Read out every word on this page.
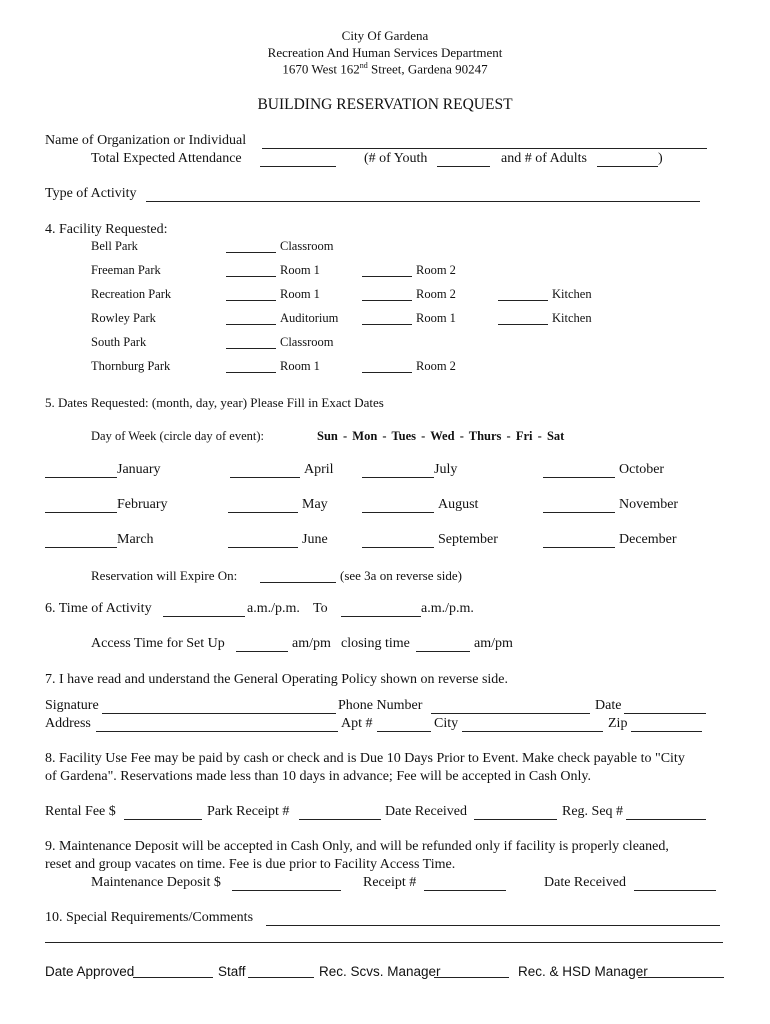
City Of Gardena
Recreation And Human Services Department
1670 West 162nd Street, Gardena 90247
BUILDING RESERVATION REQUEST
Name of Organization or Individual
Total Expected Attendance	(# of Youth	and # of Adults	)
Type of Activity
4. Facility Requested:
Bell Park	Classroom
Freeman Park	Room 1	Room 2
Recreation Park	Room 1	Room 2	Kitchen
Rowley Park	Auditorium	Room 1	Kitchen
South Park	Classroom
Thornburg Park	Room 1	Room 2
5. Dates Requested: (month, day, year) Please Fill in Exact Dates
Day of Week (circle day of event):	Sun - Mon - Tues - Wed - Thurs - Fri - Sat
January	April	July	October
February	May	August	November
March	June	September	December
Reservation will Expire On:	(see 3a on reverse side)
6. Time of Activity	a.m./p.m. To	a.m./p.m.
Access Time for Set Up	am/pm closing time	am/pm
7. I have read and understand the General Operating Policy shown on reverse side.
Signature	Phone Number	Date
Address	Apt #	City	Zip
8. Facility Use Fee may be paid by cash or check and is Due 10 Days Prior to Event. Make check payable to "City
of Gardena". Reservations made less than 10 days in advance; Fee will be accepted in Cash Only.
Rental Fee $	Park Receipt #	Date Received	Reg. Seq #
9. Maintenance Deposit will be accepted in Cash Only, and will be refunded only if facility is properly cleaned,
reset and group vacates on time. Fee is due prior to Facility Access Time.
Maintenance Deposit $	Receipt #	Date Received
10. Special Requirements/Comments
Date Approved	Staff	Rec. Scvs. Manager	Rec. & HSD Manager
